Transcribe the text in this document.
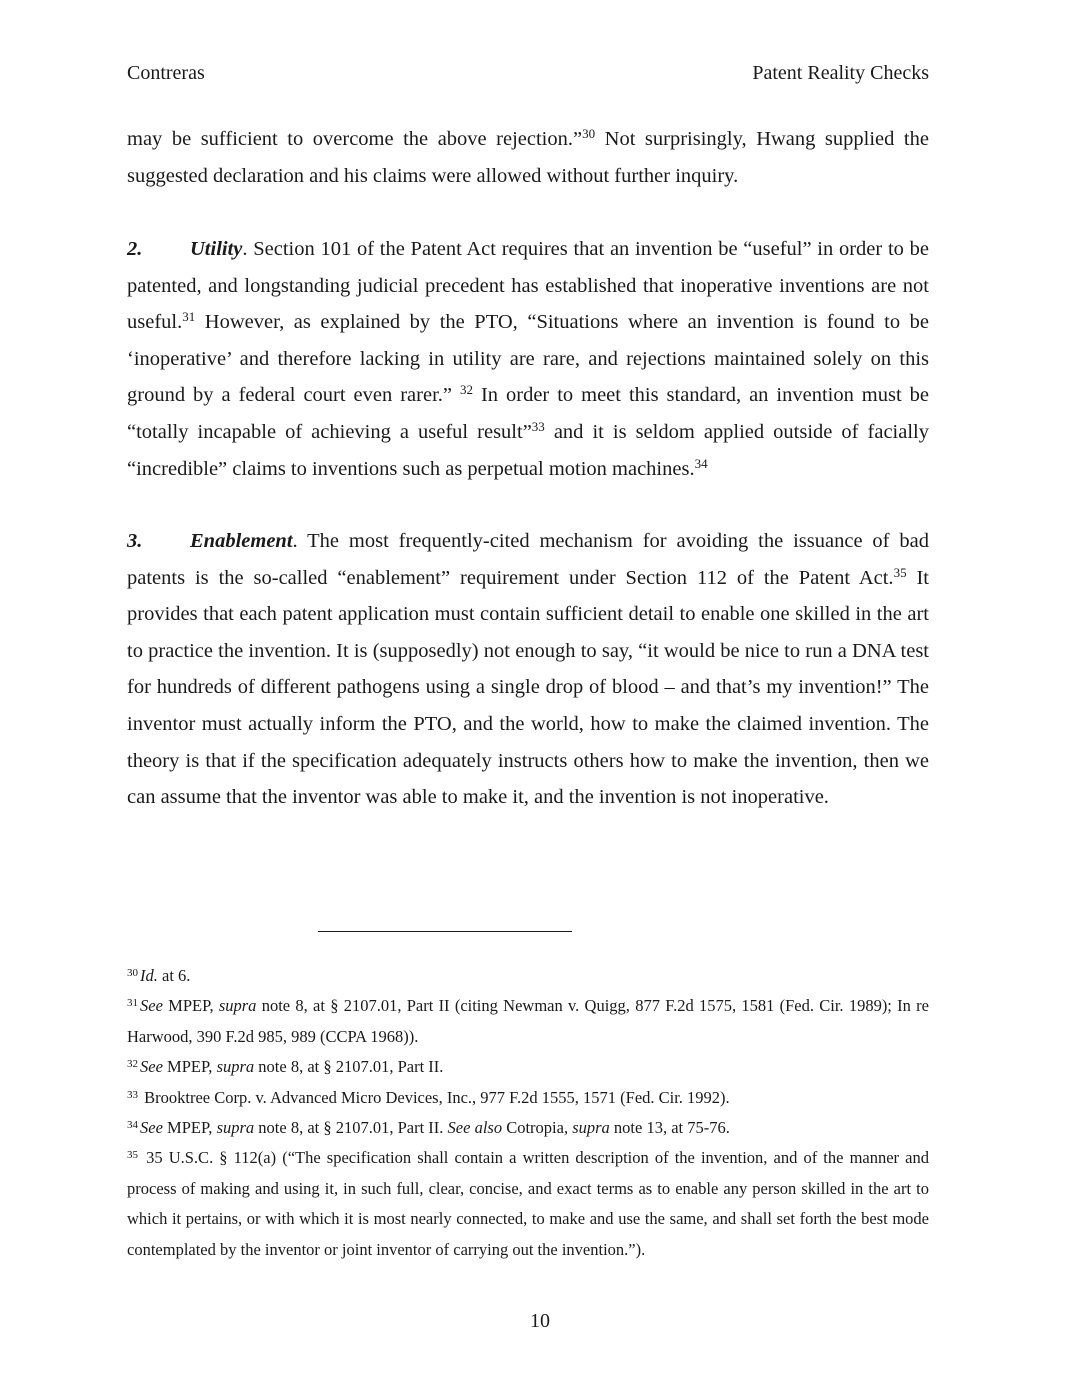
Contreras	Patent Reality Checks

may be sufficient to overcome the above rejection.”$^{30}$ Not surprisingly, Hwang supplied the suggested declaration and his claims were allowed without further inquiry.

2. Utility. Section 101 of the Patent Act requires that an invention be “useful” in order to be patented, and longstanding judicial precedent has established that inoperative inventions are not useful.$^{31}$ However, as explained by the PTO, “Situations where an invention is found to be ‘inoperative’ and therefore lacking in utility are rare, and rejections maintained solely on this ground by a federal court even rarer.” $^{32}$ In order to meet this standard, an invention must be “totally incapable of achieving a useful result”$^{33}$ and it is seldom applied outside of facially “incredible” claims to inventions such as perpetual motion machines.$^{34}$

3. Enablement. The most frequently-cited mechanism for avoiding the issuance of bad patents is the so-called “enablement” requirement under Section 112 of the Patent Act.$^{35}$ It provides that each patent application must contain sufficient detail to enable one skilled in the art to practice the invention. It is (supposedly) not enough to say, “it would be nice to run a DNA test for hundreds of different pathogens using a single drop of blood – and that’s my invention!” The inventor must actually inform the PTO, and the world, how to make the claimed invention. The theory is that if the specification adequately instructs others how to make the invention, then we can assume that the inventor was able to make it, and the invention is not inoperative.

$^{30}$ Id. at 6.
$^{31}$ See MPEP, supra note 8, at § 2107.01, Part II (citing Newman v. Quigg, 877 F.2d 1575, 1581 (Fed. Cir. 1989); In re Harwood, 390 F.2d 985, 989 (CCPA 1968)).
$^{32}$ See MPEP, supra note 8, at § 2107.01, Part II.
$^{33}$ Brooktree Corp. v. Advanced Micro Devices, Inc., 977 F.2d 1555, 1571 (Fed. Cir. 1992).
$^{34}$ See MPEP, supra note 8, at § 2107.01, Part II. See also Cotropia, supra note 13, at 75-76.
$^{35}$ 35 U.S.C. § 112(a) (“The specification shall contain a written description of the invention, and of the manner and process of making and using it, in such full, clear, concise, and exact terms as to enable any person skilled in the art to which it pertains, or with which it is most nearly connected, to make and use the same, and shall set forth the best mode contemplated by the inventor or joint inventor of carrying out the invention.”).
10
